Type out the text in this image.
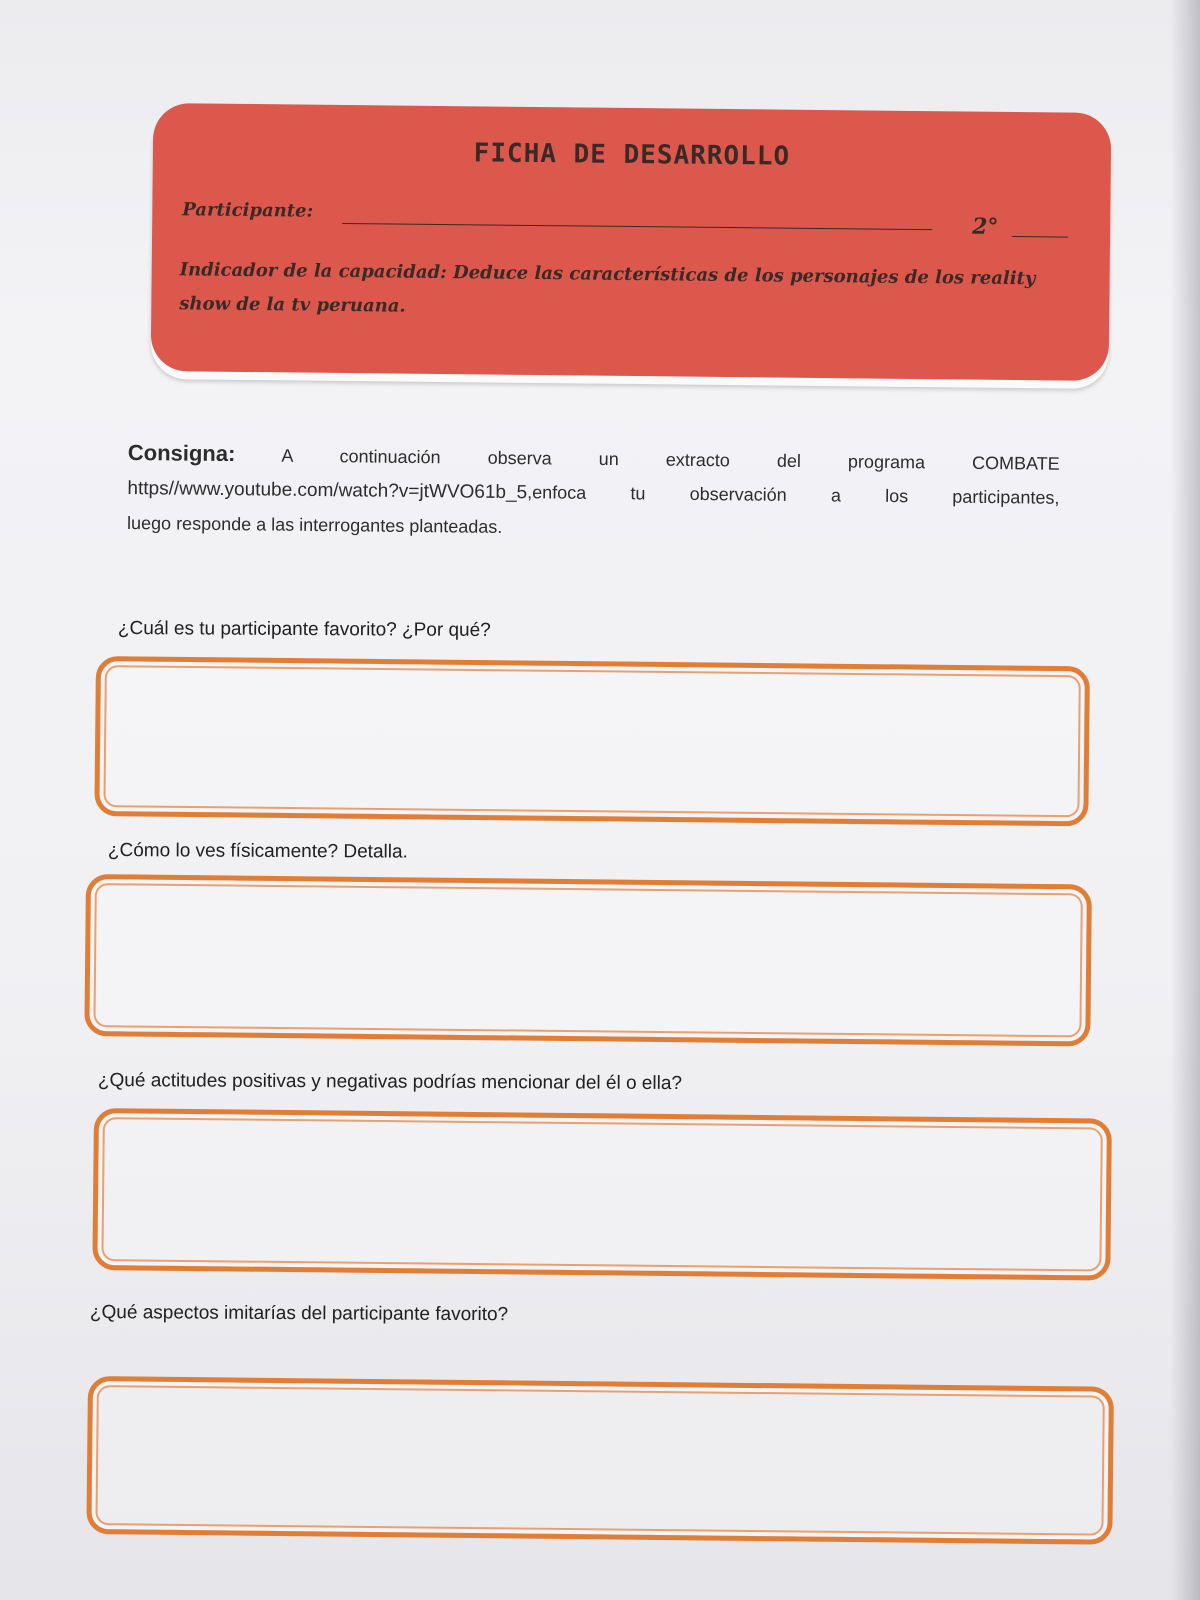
FICHA DE DESARROLLO
Participante:
2°
Indicador de la capacidad: Deduce las características de los personajes de los reality show de la tv peruana.
Consigna:	A continuación observa un extracto del programa COMBATE
https//www.youtube.com/watch?v=jtWVO61b_5,enfoca tu observación a los participantes,
luego responde a las interrogantes planteadas.
¿Cuál es tu participante favorito? ¿Por qué?
¿Cómo lo ves físicamente? Detalla.
¿Qué actitudes positivas y negativas podrías mencionar del él o ella?
¿Qué aspectos imitarías del participante favorito?
